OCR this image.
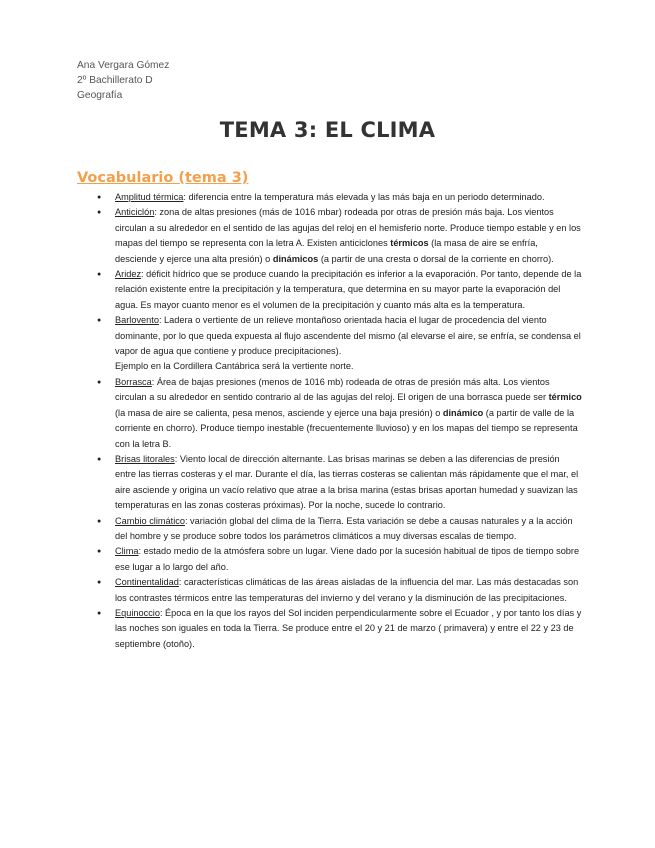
Ana Vergara Gómez
2º Bachillerato D
Geografía
TEMA 3: EL CLIMA
Vocabulario (tema 3)
● Amplitud térmica: diferencia entre la temperatura más elevada y las más baja en un periodo determinado.
● Anticiclón: zona de altas presiones (más de 1016 mbar) rodeada por otras de presión más baja. Los vientos circulan a su alrededor en el sentido de las agujas del reloj en el hemisferio norte. Produce tiempo estable y en los mapas del tiempo se representa con la letra A. Existen anticiclones térmicos (la masa de aire se enfría, desciende y ejerce una alta presión) o dinámicos (a partir de una cresta o dorsal de la corriente en chorro).
● Aridez: déficit hídrico que se produce cuando la precipitación es inferior a la evaporación. Por tanto, depende de la relación existente entre la precipitación y la temperatura, que determina en su mayor parte la evaporación del agua. Es mayor cuanto menor es el volumen de la precipitación y cuanto más alta es la temperatura.
● Barlovento: Ladera o vertiente de un relieve montañoso orientada hacia el lugar de procedencia del viento dominante, por lo que queda expuesta al flujo ascendente del mismo (al elevarse el aire, se enfría, se condensa el vapor de agua que contiene y produce precipitaciones).
Ejemplo en la Cordillera Cantábrica será la vertiente norte.
● Borrasca: Área de bajas presiones (menos de 1016 mb) rodeada de otras de presión más alta. Los vientos circulan a su alrededor en sentido contrario al de las agujas del reloj. El origen de una borrasca puede ser térmico (la masa de aire se calienta, pesa menos, asciende y ejerce una baja presión) o dinámico (a partir de valle de la corriente en chorro). Produce tiempo inestable (frecuentemente lluvioso) y en los mapas del tiempo se representa con la letra B.
● Brisas litorales: Viento local de dirección alternante. Las brisas marinas se deben a las diferencias de presión entre las tierras costeras y el mar. Durante el día, las tierras costeras se calientan más rápidamente que el mar, el aire asciende y origina un vacío relativo que atrae a la brisa marina (estas brisas aportan humedad y suavizan las temperaturas en las zonas costeras próximas). Por la noche, sucede lo contrario.
● Cambio climático: variación global del clima de la Tierra. Esta variación se debe a causas naturales y a la acción del hombre y se produce sobre todos los parámetros climáticos a muy diversas escalas de tiempo.
● Clima: estado medio de la atmósfera sobre un lugar. Viene dado por la sucesión habitual de tipos de tiempo sobre ese lugar a lo largo del año.
● Continentalidad: características climáticas de las áreas aisladas de la influencia del mar. Las más destacadas son los contrastes térmicos entre las temperaturas del invierno y del verano y la disminución de las precipitaciones.
● Equinoccio: Época en la que los rayos del Sol inciden perpendicularmente sobre el Ecuador , y por tanto los días y las noches son iguales en toda la Tierra. Se produce entre el 20 y 21 de marzo ( primavera) y entre el 22 y 23 de septiembre (otoño).
